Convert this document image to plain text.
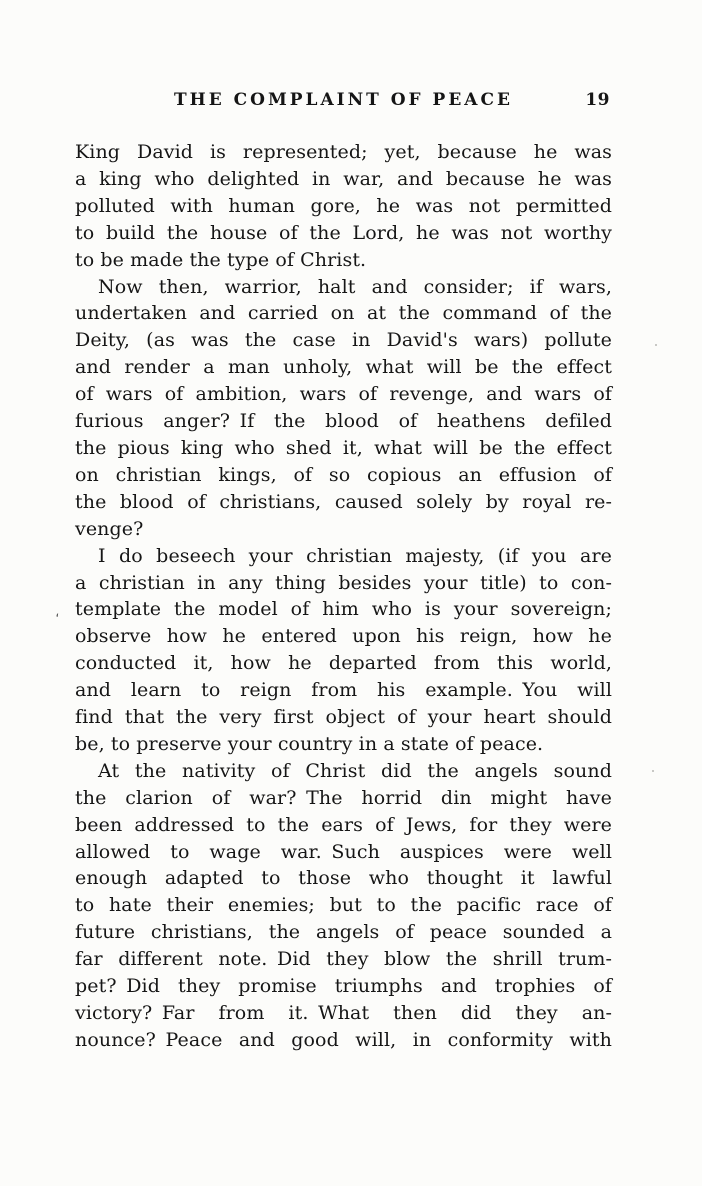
THE COMPLAINT OF PEACE	19
‘

King David is represented; yet, because he was
a king who delighted in war, and because he was
polluted with human gore, he was not permitted
to build the house of the Lord, he was not worthy
to be made the type of Christ.

Now then, warrior, halt and consider; if wars,
undertaken and carried on at the command of the
Deity, (as was the case in David's wars) pollute
and render a man unholy, what will be the effect
of wars of ambition, wars of revenge, and wars of
furious anger? If the blood of heathens defiled
the pious king who shed it, what will be the effect
on christian kings, of so copious an effusion of
the blood of christians, caused solely by royal re-
venge?

I do beseech your christian majesty, (if you are
a christian in any thing besides your title) to con-
template the model of him who is your sovereign;
observe how he entered upon his reign, how he
conducted it, how he departed from this world,
and learn to reign from his example. You will
find that the very first object of your heart should
be, to preserve your country in a state of peace.

At the nativity of Christ did the angels sound
the clarion of war? The horrid din might have
been addressed to the ears of Jews, for they were
allowed to wage war. Such auspices were well
enough adapted to those who thought it lawful
to hate their enemies; but to the pacific race of
future christians, the angels of peace sounded a
far different note. Did they blow the shrill trum-
pet? Did they promise triumphs and trophies of
victory? Far from it. What then did they an-
nounce? Peace and good will, in conformity with
